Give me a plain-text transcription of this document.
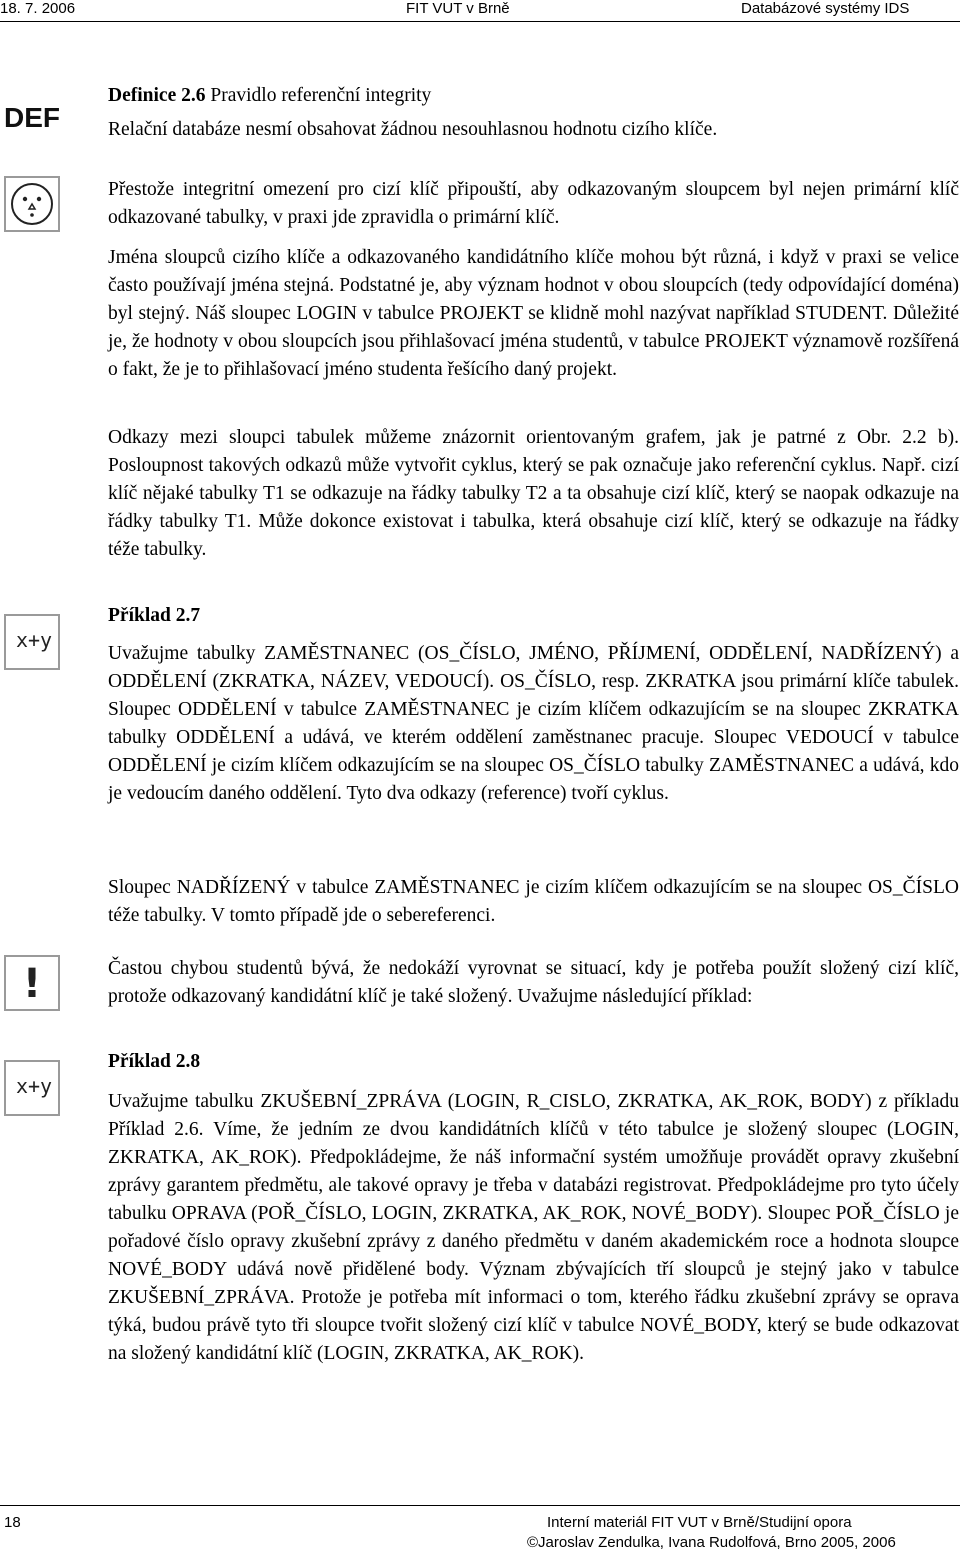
18. 7. 2006	FIT VUT v Brně	Databázové systémy IDS
DEF
x+y
!
x+y

Definice 2.6 Pravidlo referenční integrity

Relační databáze nesmí obsahovat žádnou nesouhlasnou hodnotu cizího klíče.

Přestože integritní omezení pro cizí klíč připouští, aby odkazovaným sloupcem byl nejen primární klíč odkazované tabulky, v praxi jde zpravidla o primární klíč.
Jména sloupců cizího klíče a odkazovaného kandidátního klíče mohou být různá, i když v praxi se velice často používají jména stejná. Podstatné je, aby význam hodnot v obou sloupcích (tedy odpovídající doména) byl stejný. Náš sloupec LOGIN v tabulce PROJEKT se klidně mohl nazývat například STUDENT. Důležité je, že hodnoty v obou sloupcích jsou přihlašovací jména studentů, v tabulce PROJEKT významově rozšířená o fakt, že je to přihlašovací jméno studenta řešícího daný projekt.
Odkazy mezi sloupci tabulek můžeme znázornit orientovaným grafem, jak je patrné z Obr. 2.2 b). Posloupnost takových odkazů může vytvořit cyklus, který se pak označuje jako referenční cyklus. Např. cizí klíč nějaké tabulky T1 se odkazuje na řádky tabulky T2 a ta obsahuje cizí klíč, který se naopak odkazuje na řádky tabulky T1. Může dokonce existovat i tabulka, která obsahuje cizí klíč, který se odkazuje na řádky téže tabulky.
Příklad 2.7
Uvažujme tabulky ZAMĚSTNANEC (OS_ČÍSLO, JMÉNO, PŘÍJMENÍ, ODDĚLENÍ, NADŘÍZENÝ) a ODDĚLENÍ (ZKRATKA, NÁZEV, VEDOUCÍ). OS_ČÍSLO, resp. ZKRATKA jsou primární klíče tabulek. Sloupec ODDĚLENÍ v tabulce ZAMĚSTNANEC je cizím klíčem odkazujícím se na sloupec ZKRATKA tabulky ODDĚLENÍ a udává, ve kterém oddělení zaměstnanec pracuje. Sloupec VEDOUCÍ v tabulce ODDĚLENÍ je cizím klíčem odkazujícím se na sloupec OS_ČÍSLO tabulky ZAMĚSTNANEC a udává, kdo je vedoucím daného oddělení. Tyto dva odkazy (reference) tvoří cyklus.
Sloupec NADŘÍZENÝ v tabulce ZAMĚSTNANEC je cizím klíčem odkazujícím se na sloupec OS_ČÍSLO téže tabulky. V tomto případě jde o sebereferenci.
Častou chybou studentů bývá, že nedokáží vyrovnat se situací, kdy je potřeba použít složený cizí klíč, protože odkazovaný kandidátní klíč je také složený. Uvažujme následující příklad:
Příklad 2.8
Uvažujme tabulku ZKUŠEBNÍ_ZPRÁVA (LOGIN, R_CISLO, ZKRATKA, AK_ROK, BODY) z příkladu Příklad 2.6. Víme, že jedním ze dvou kandidátních klíčů v této tabulce je složený sloupec (LOGIN, ZKRATKA, AK_ROK). Předpokládejme, že náš informační systém umožňuje provádět opravy zkušební zprávy garantem předmětu, ale takové opravy je třeba v databázi registrovat. Předpokládejme pro tyto účely tabulku OPRAVA (POŘ_ČÍSLO, LOGIN, ZKRATKA, AK_ROK, NOVÉ_BODY). Sloupec POŘ_ČÍSLO je pořadové číslo opravy zkušební zprávy z daného předmětu v daném akademickém roce a hodnota sloupce NOVÉ_BODY udává nově přidělené body. Význam zbývajících tří sloupců je stejný jako v tabulce ZKUŠEBNÍ_ZPRÁVA. Protože je potřeba mít informaci o tom, kterého řádku zkušební zprávy se oprava týká, budou právě tyto tři sloupce tvořit složený cizí klíč v tabulce NOVÉ_BODY, který se bude odkazovat na složený kandidátní klíč (LOGIN, ZKRATKA, AK_ROK).
18	Interní materiál FIT VUT v Brně/Studijní opora
©Jaroslav Zendulka, Ivana Rudolfová, Brno 2005, 2006
